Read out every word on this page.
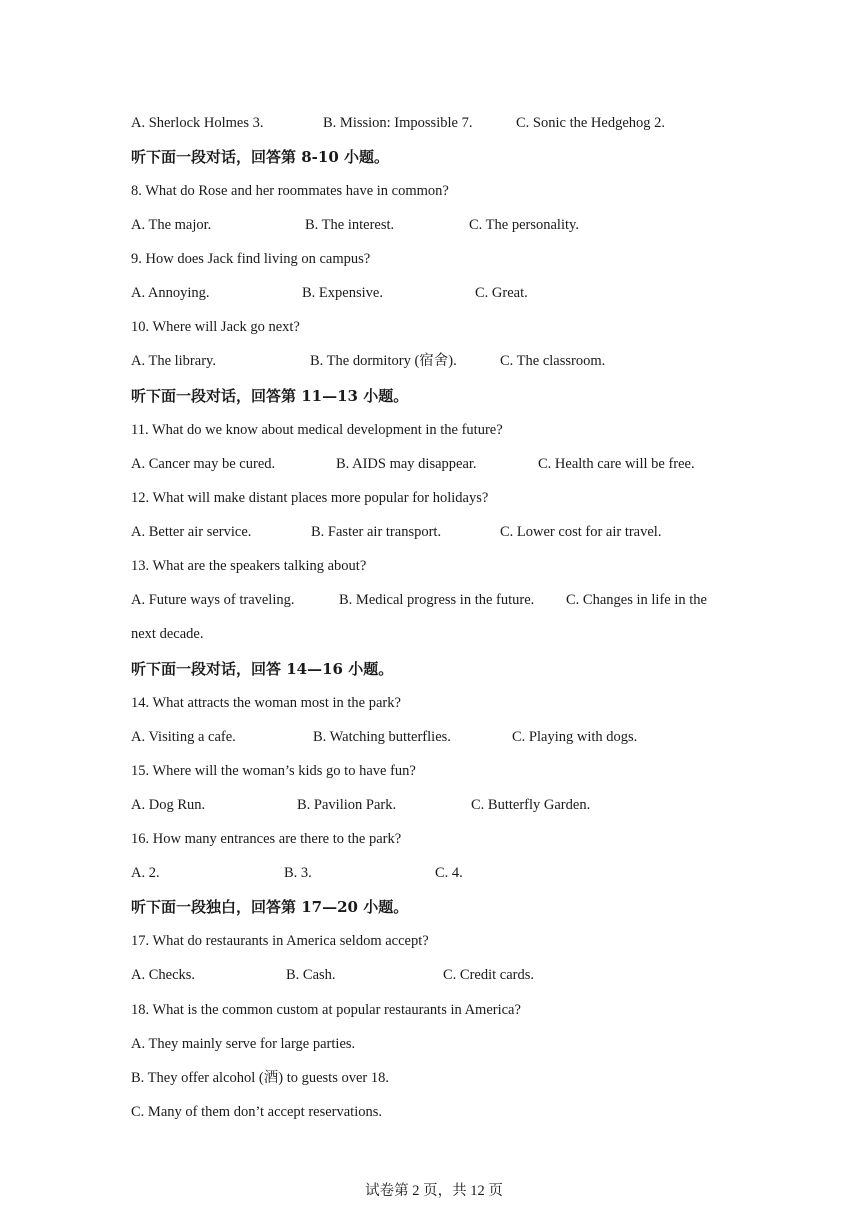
A. Sherlock Holmes 3.	B. Mission: Impossible 7.	C. Sonic the Hedgehog 2.
听下面一段对话，回答第 8-10 小题。
8. What do Rose and her roommates have in common?
A. The major.	B. The interest.	C. The personality.
9. How does Jack find living on campus?
A. Annoying.	B. Expensive.	C. Great.
10. Where will Jack go next?
A. The library.	B. The dormitory (宿舍).	C. The classroom.
听下面一段对话，回答第 11—13 小题。
11. What do we know about medical development in the future?
A. Cancer may be cured.	B. AIDS may disappear.	C. Health care will be free.
12. What will make distant places more popular for holidays?
A. Better air service.	B. Faster air transport.	C. Lower cost for air travel.
13. What are the speakers talking about?
A. Future ways of traveling.	B. Medical progress in the future. C. Changes in life in the
next decade.
听下面一段对话，回答 14—16 小题。
14. What attracts the woman most in the park?
A. Visiting a cafe.	B. Watching butterflies.	C. Playing with dogs.
15. Where will the woman’s kids go to have fun?
A. Dog Run.	B. Pavilion Park.	C. Butterfly Garden.
16. How many entrances are there to the park?
A. 2.	B. 3.	C. 4.
听下面一段独白，回答第 17—20 小题。
17. What do restaurants in America seldom accept?
A. Checks.	B. Cash.	C. Credit cards.
18. What is the common custom at popular restaurants in America?
A. They mainly serve for large parties.
B. They offer alcohol (酒) to guests over 18.
C. Many of them don’t accept reservations.
试卷第 2 页，共 12 页
